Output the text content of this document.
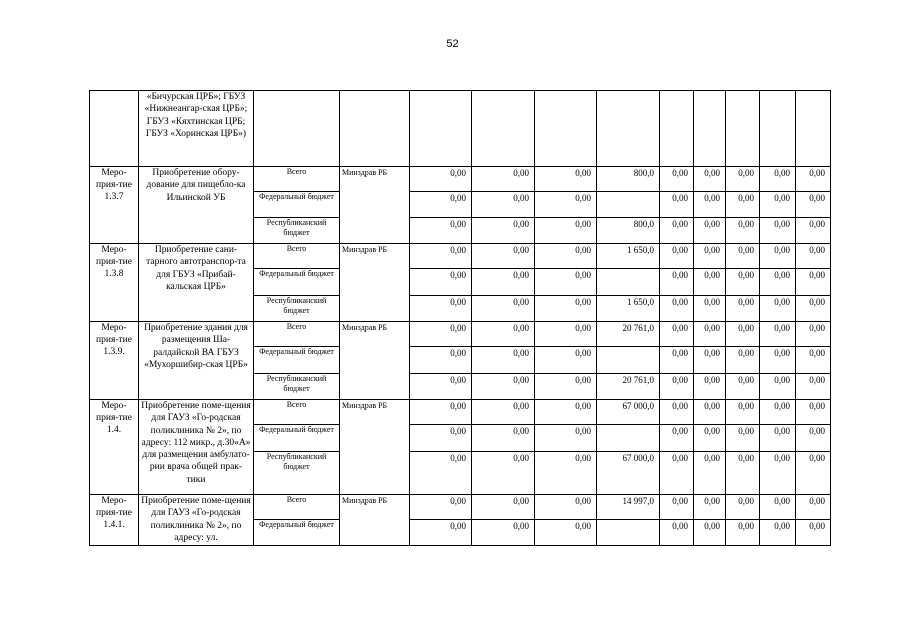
52
	«Бичурская ЦРБ»; ГБУЗ «Нижнеангар-ская ЦРБ»; ГБУЗ «Кяхтинская ЦРБ; ГБУЗ «Хоринская ЦРБ»)											
Меро-прия-тие 1.3.7	Приобретение обору-дование для пищебло-ка Ильинской УБ	Всего	Минздрав РБ	0,00	0,00	0,00	800,0	0,00	0,00	0,00	0,00	0,00
		Федеральный бюджет		0,00	0,00	0,00		0,00	0,00	0,00	0,00	0,00
		Республиканский бюджет		0,00	0,00	0,00	800,0	0,00	0,00	0,00	0,00	0,00
Меро-прия-тие 1.3.8	Приобретение сани-тарного автотранспор-та для ГБУЗ «Прибай-кальская ЦРБ»	Всего	Минздрав РБ	0,00	0,00	0,00	1 650,0	0,00	0,00	0,00	0,00	0,00
		Федеральный бюджет		0,00	0,00	0,00		0,00	0,00	0,00	0,00	0,00
		Республиканский бюджет		0,00	0,00	0,00	1 650,0	0,00	0,00	0,00	0,00	0,00
Меро-прия-тие 1.3.9.	Приобретение здания для размещения Ша-ралдайской ВА ГБУЗ «Мухоршибир-ская ЦРБ»	Всего	Минздрав РБ	0,00	0,00	0,00	20 761,0	0,00	0,00	0,00	0,00	0,00
		Федеральный бюджет		0,00	0,00	0,00		0,00	0,00	0,00	0,00	0,00
		Республиканский бюджет		0,00	0,00	0,00	20 761,0	0,00	0,00	0,00	0,00	0,00
Меро-прия-тие 1.4.	Приобретение поме-щения для ГАУЗ «Го-родская поликлиника № 2», по адресу: 112 микр., д.30«А» для размещения амбулато-рии врача общей прак-тики	Всего	Минздрав РБ	0,00	0,00	0,00	67 000,0	0,00	0,00	0,00	0,00	0,00
		Федеральный бюджет		0,00	0,00	0,00		0,00	0,00	0,00	0,00	0,00
		Республиканский бюджет		0,00	0,00	0,00	67 000,0	0,00	0,00	0,00	0,00	0,00
Меро-прия-тие 1.4.1.	Приобретение поме-щения для ГАУЗ «Го-родская поликлиника № 2», по адресу: ул.	Всего	Минздрав РБ	0,00	0,00	0,00	14 997,0	0,00	0,00	0,00	0,00	0,00
		Федеральный бюджет		0,00	0,00	0,00		0,00	0,00	0,00	0,00	0,00
